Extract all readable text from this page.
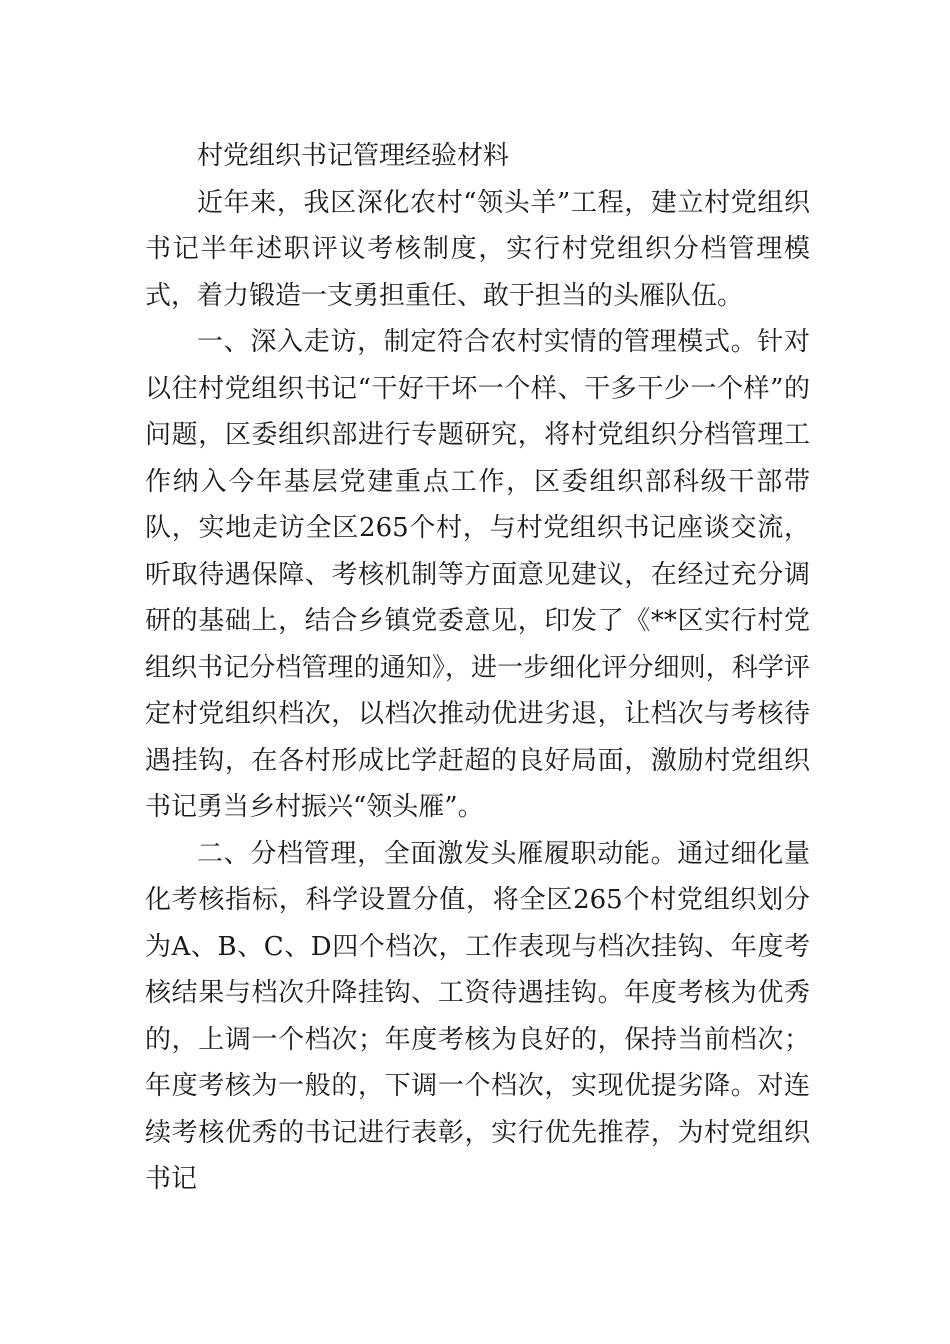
村党组织书记管理经验材料

近年来，我区深化农村“领头羊”工程，建立村党组织书记半年述职评议考核制度，实行村党组织分档管理模式，着力锻造一支勇担重任、敢于担当的头雁队伍。

一、深入走访，制定符合农村实情的管理模式。针对以往村党组织书记“干好干坏一个样、干多干少一个样”的问题，区委组织部进行专题研究，将村党组织分档管理工作纳入今年基层党建重点工作，区委组织部科级干部带队，实地走访全区265个村，与村党组织书记座谈交流，听取待遇保障、考核机制等方面意见建议，在经过充分调研的基础上，结合乡镇党委意见，印发了《**区实行村党组织书记分档管理的通知》，进一步细化评分细则，科学评定村党组织档次，以档次推动优进劣退，让档次与考核待遇挂钩，在各村形成比学赶超的良好局面，激励村党组织书记勇当乡村振兴“领头雁”。

二、分档管理，全面激发头雁履职动能。通过细化量化考核指标，科学设置分值，将全区265个村党组织划分为A、B、C、D四个档次，工作表现与档次挂钩、年度考核结果与档次升降挂钩、工资待遇挂钩。年度考核为优秀的，上调一个档次；年度考核为良好的，保持当前档次；年度考核为一般的，下调一个档次，实现优提劣降。对连续考核优秀的书记进行表彰，实行优先推荐，为村党组织书记
